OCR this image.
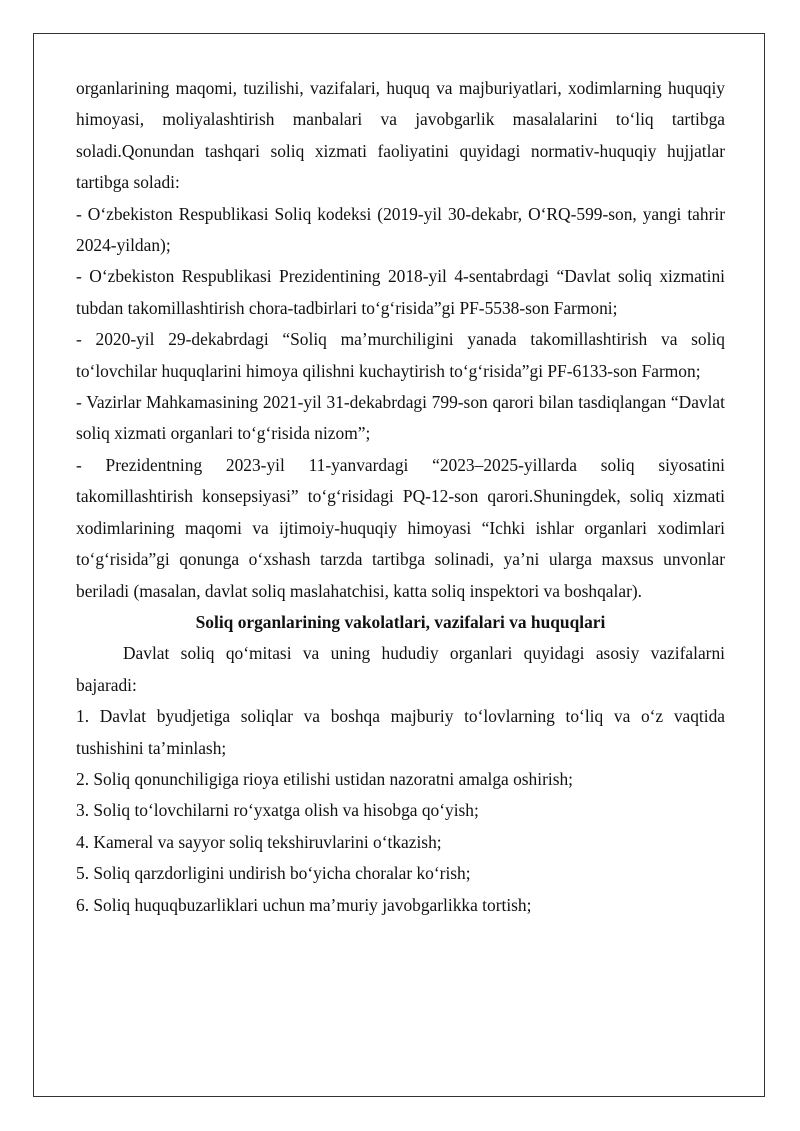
organlarining maqomi, tuzilishi, vazifalari, huquq va majburiyatlari, xodimlarning huquqiy himoyasi, moliyalashtirish manbalari va javobgarlik masalalarini to‘liq tartibga soladi.Qonundan tashqari soliq xizmati faoliyatini quyidagi normativ-huquqiy hujjatlar tartibga soladi:

- O‘zbekiston Respublikasi Soliq kodeksi (2019-yil 30-dekabr, O‘RQ-599-son, yangi tahrir 2024-yildan);

- O‘zbekiston Respublikasi Prezidentining 2018-yil 4-sentabrdagi “Davlat soliq xizmatini tubdan takomillashtirish chora-tadbirlari to‘g‘risida”gi PF-5538-son Farmoni;

- 2020-yil 29-dekabrdagi “Soliq ma’murchiligini yanada takomillashtirish va soliq to‘lovchilar huquqlarini himoya qilishni kuchaytirish to‘g‘risida”gi PF-6133-son Farmon;

- Vazirlar Mahkamasining 2021-yil 31-dekabrdagi 799-son qarori bilan tasdiqlangan “Davlat soliq xizmati organlari to‘g‘risida nizom”;

- Prezidentning 2023-yil 11-yanvardagi “2023–2025-yillarda soliq siyosatini takomillashtirish konsepsiyasi” to‘g‘risidagi PQ-12-son qarori.Shuningdek, soliq xizmati xodimlarining maqomi va ijtimoiy-huquqiy himoyasi “Ichki ishlar organlari xodimlari to‘g‘risida”gi qonunga o‘xshash tarzda tartibga solinadi, ya’ni ularga maxsus unvonlar beriladi (masalan, davlat soliq maslahatchisi, katta soliq inspektori va boshqalar).

Soliq organlarining vakolatlari, vazifalari va huquqlari

Davlat soliq qo‘mitasi va uning hududiy organlari quyidagi asosiy vazifalarni bajaradi:

1. Davlat byudjetiga soliqlar va boshqa majburiy to‘lovlarning to‘liq va o‘z vaqtida tushishini ta’minlash;

2. Soliq qonunchiligiga rioya etilishi ustidan nazoratni amalga oshirish;

3. Soliq to‘lovchilarni ro‘yxatga olish va hisobga qo‘yish;

4. Kameral va sayyor soliq tekshiruvlarini o‘tkazish;

5. Soliq qarzdorligini undirish bo‘yicha choralar ko‘rish;

6. Soliq huquqbuzarliklari uchun ma’muriy javobgarlikka tortish;
